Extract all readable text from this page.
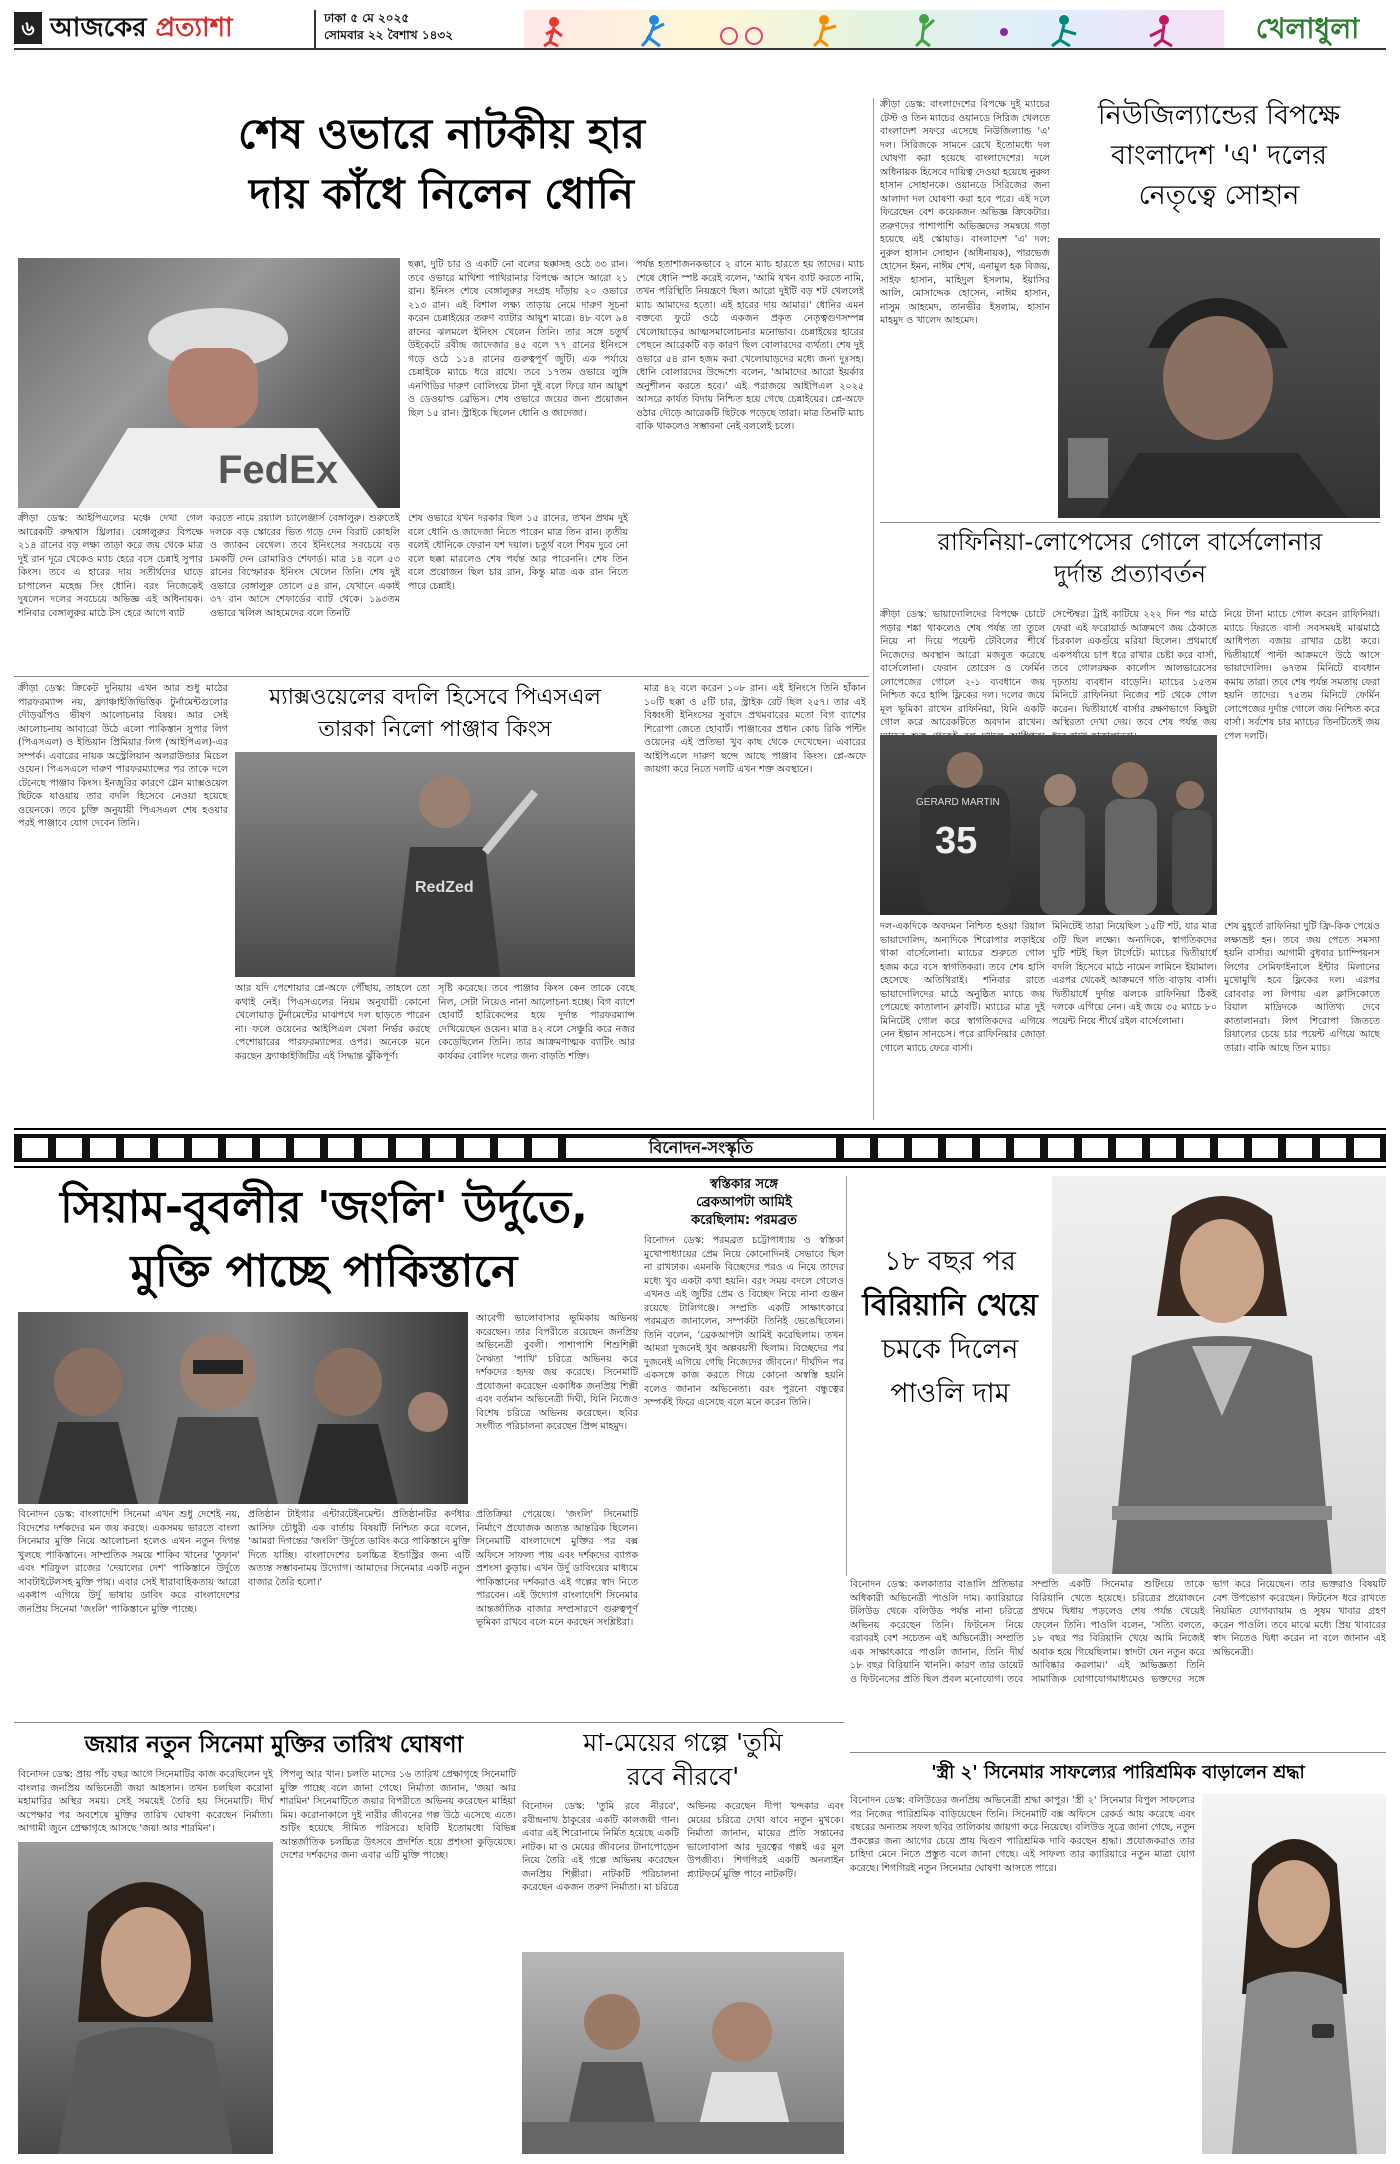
৬ আজকের প্রত্যাশা	ঢাকা ৫ মে ২০২৫
সোমবার ২২ বৈশাখ ১৪৩২	খেলাধুলা
শেষ ওভারে নাটকীয় হার
দায় কাঁধে নিলেন ধোনি
FedEx
ক্রীড়া ডেস্ক: আইপিএলের মঞ্চে দেখা গেল আরেকটি রুদ্ধশ্বাস থ্রিলার। বেঙ্গালুরুর বিপক্ষে ২১৪ রানের বড় লক্ষ্য তাড়া করে জয় থেকে মাত্র দুই রান দূরে থেকেও ম্যাচ হেরে বসে চেন্নাই সুপার কিংস। তবে এ হারের দায় সতীর্থদের ঘাড়ে চাপালেন মহেন্দ্র সিং ধোনি। বরং নিজেকেই দুষলেন দলের সবচেয়ে অভিজ্ঞ এই অধিনায়ক। শনিবার বেঙ্গালুরুর মাঠে টস হেরে আগে ব্যাট
করতে নামে রয়্যাল চ্যালেঞ্জার্স বেঙ্গালুরু। শুরুতেই দলকে বড় স্কোরের ভিত গড়ে দেন বিরাট কোহলি ও জ্যাকব বেথেল। তবে ইনিংসের সবচেয়ে বড় চমকটি দেন রোমারিও শেফার্ড। মাত্র ১৪ বলে ৫৩ রানের বিস্ফোরক ইনিংস খেলেন তিনি। শেষ দুই ওভারে বেঙ্গালুরু তোলে ৫৪ রান, যেখানে একাই ৩৭ রান আসে শেফার্ডের ব্যাট থেকে। ১৯৩তম ওভারে খলিল আহমেদের বলে তিনটি
ছক্কা, দুটি চার ও একটি নো বলের ছক্কাসহ ওঠে ৩৩ রান। তবে ওভারে মাথিশা পাথিরানার বিপক্ষে আসে আরো ২১ রান। ইনিংস শেষে বেঙ্গালুরুর সংগ্রহ দাঁড়ায় ২০ ওভারে ২১৩ রান। এই বিশাল লক্ষ্য তাড়ায় নেমে দারুণ সূচনা করেন চেন্নাইয়ের তরুণ ব্যাটার আয়ুশ মাত্রে। ৪৮ বলে ৯৪ রানের ঝলমলে ইনিংস খেলেন তিনি। তার সঙ্গে চতুর্থ উইকেটে রবীন্দ্র জাদেজার ৪৫ বলে ৭৭ রানের ইনিংসে গড়ে ওঠে ১১৪ রানের গুরুত্বপূর্ণ জুটি। এক পর্যায়ে চেন্নাইকে ম্যাচে ধরে রাখে। তবে ১৭তম ওভারে লুঙ্গি এনগিডির দারুণ বোলিংয়ে টানা দুই বলে ফিরে যান আয়ুশ ও ডেওয়াল্ড ব্রেভিস। শেষ ওভারে জয়ের জন্য প্রয়োজন ছিল ১৫ রান। স্ট্রাইকে ছিলেন ধোনি ও জাদেজা।
শেষ ওভারে যখন দরকার ছিল ১৫ রানের, তখন প্রথম দুই বলে ধোনি ও জাদেজা নিতে পারেন মাত্র তিন রান। তৃতীয় বলেই ধোনিকে ফেরান যশ দয়াল। চতুর্থ বলে শিবম দুবে নো বলে ছক্কা মারলেও শেষ পর্যন্ত আর পারেননি। শেষ তিন বলে প্রয়োজন ছিল চার রান, কিন্তু মাত্র এক রান নিতে পারে চেন্নাই।
পর্যন্ত হতাশাজনকভাবে ২ রানে ম্যাচ হারতে হয় তাদের। ম্যাচ শেষে ধোনি স্পষ্ট করেই বলেন, 'আমি যখন ব্যাট করতে নামি, তখন পরিস্থিতি নিয়ন্ত্রণে ছিল। আরো দুইটি বড় শট খেললেই ম্যাচ আমাদের হতো। এই হারের দায় আমার।' ধোনির এমন বক্তব্যে ফুটে ওঠে একজন প্রকৃত নেতৃত্বগুণসম্পন্ন খেলোয়াড়ের আত্মসমালোচনার মনোভাব। চেন্নাইয়ের হারের পেছনে আরেকটি বড় কারণ ছিল বোলারদের ব্যর্থতা। শেষ দুই ওভারে ৫৪ রান হজম করা খেলোয়াড়দের মধ্যে জন্য দুঃসহ। ধোনি বোলারদের উদ্দেশ্যে বলেন, 'আমাদের আরো ইয়র্কার অনুশীলন করতে হবে।' এই পরাজয়ে আইপিএল ২০২৫ আসরে কার্যত বিদায় নিশ্চিত হয়ে গেছে চেন্নাইয়ের। প্লে-অফে ওঠার দৌড়ে আরেকটি ছিটকে পড়েছে তারা। মাত্র তিনটি ম্যাচ বাকি থাকলেও সম্ভাবনা নেই বললেই চলে।
ক্রীড়া ডেস্ক: বাংলাদেশের বিপক্ষে দুই ম্যাচের টেস্ট ও তিন ম্যাচের ওয়ানডে সিরিজ খেলতে বাংলাদেশ সফরে এসেছে নিউজিল্যান্ড 'এ' দল। সিরিজকে সামনে রেখে ইতোমধ্যে দল ঘোষণা করা হয়েছে বাংলাদেশের। দলে অধিনায়ক হিসেবে দায়িত্ব দেওয়া হয়েছে নুরুল হাসান সোহানকে। ওয়ানডে সিরিজের জন্য আলাদা দল ঘোষণা করা হবে পরে। এই দলে ফিরেছেন বেশ কয়েকজন অভিজ্ঞ ক্রিকেটার। তরুণদের পাশাপাশি অভিজ্ঞদের সমন্বয়ে গড়া হয়েছে এই স্কোয়াড। বাংলাদেশ 'এ' দল: নুরুল হাসান সোহান (অধিনায়ক), পারভেজ হোসেন ইমন, নাঈম শেখ, এনামুল হক বিজয়, সাইফ হাসান, মাহিদুল ইসলাম, ইয়াসির আলি, মোসাদ্দেক হোসেন, নাঈম হাসান, নাসুম আহমেদ, তানভীর ইসলাম, হাসান মাহমুদ ও খালেদ আহমেদ।
নিউজিল্যান্ডের বিপক্ষে
বাংলাদেশ 'এ' দলের
নেতৃত্বে সোহান
রাফিনিয়া-লোপেসের গোলে বার্সেলোনার
দুর্দান্ত প্রত্যাবর্তন
ক্রীড়া ডেস্ক: ভায়াদোলিদের বিপক্ষে চোটে পড়ার শঙ্কা থাকলেও শেষ পর্যন্ত তা তুলে নিয়ে না দিয়ে পয়েন্ট টেবিলের শীর্ষে নিজেদের অবস্থান আরো মজবুত করেছে বার্সেলোনা। ফেরান তোরেস ও ফের্মিন লোপেজের গোলে ২-১ ব্যবধানে জয় নিশ্চিত করে হান্সি ফ্লিকের দল। দলের জয়ে মূল ভূমিকা রাখেন রাফিনিয়া, যিনি একটি গোল করে আরেকটিতে অবদান রাখেন।
সেপ্টেম্বর। ট্রাই কাটিয়ে ২২২ দিন পর মাঠে ফেরা এই ফরোয়ার্ড আক্রমণে জয় ঠেকাতে চিরকাল একগুঁয়ে মরিয়া ছিলেন। প্রথমার্ধে একপর্যায়ে চাপ ধরে রাখার চেষ্টা করে বার্সা, তবে গোলরক্ষক কার্লোস আলভারেসের দৃঢ়তায় ব্যবধান বাড়েনি। ম্যাচের ১৫তম মিনিটে রাফিনিয়া নিজের শট থেকে গোল করেন। দ্বিতীয়ার্ধে বার্সার রক্ষণভাগে কিছুটা অস্থিরতা দেখা দেয়। তবে শেষ পর্যন্ত জয়
নিয়ে টানা ম্যাচে গোল করেন রাফিনিয়া। ম্যাচে ফিরতে বার্সা সবসময়ই মাঝমাঠে আধিপত্য বজায় রাখার চেষ্টা করে। দ্বিতীয়ার্ধে পাল্টা আক্রমণে উঠে আসে ভায়াদোলিদ। ৬৭তম মিনিটে ব্যবধান কমায় তারা। তবে শেষ পর্যন্ত সমতায় ফেরা হয়নি তাদের। ৭৫তম মিনিটে ফের্মিন লোপেজের দুর্দান্ত গোলে জয় নিশ্চিত করে বার্সা। সর্বশেষ চার ম্যাচের তিনটিতেই জয় পেল দলটি।
35
GERARD MARTIN
দল-একদিকে অবদমন নিশ্চিত হওয়া রিয়াল ভায়াদোলিদ, অন্যদিকে শিরোপার লড়াইয়ে থাকা বার্সেলোনা। ম্যাচের শুরুতে গোল হজম করে বসে স্বাগতিকরা। তবে শেষ হাসি হেসেছে অতিথিরাই। শনিবার রাতে ভায়াদোলিদের মাঠে অনুষ্ঠিত ম্যাচে জয় পেয়েছে কাতালান ক্লাবটি। ম্যাচের মাত্র দুই মিনিটেই গোল করে স্বাগতিকদের এগিয়ে নেন ইভান সানচেস। পরে রাফিনিয়ার জোড়া গোলে ম্যাচে ফেরে বার্সা।
মিনিটেই তারা নিয়েছিল ১৫টি শট, যার মাত্র ৩টি ছিল লক্ষ্যে। অন্যদিকে, স্বাগতিকদের দুটি শটই ছিল টার্গেটে। ম্যাচের দ্বিতীয়ার্ধে বদলি হিসেবে মাঠে নামেন লামিনে ইয়ামাল। এরপর থেকেই আক্রমণে গতি বাড়ায় বার্সা। দ্বিতীয়ার্ধে দুর্দান্ত ঝলকে রাফিনিয়া ঠিকই দলকে এগিয়ে নেন। এই জয়ে ৩৫ ম্যাচে ৮০ পয়েন্ট নিয়ে শীর্ষে রইল বার্সেলোনা।
শেষ মুহূর্তে রাফিনিয়া দুটি ফ্রি-কিক পেয়েও লক্ষ্যভ্রষ্ট হন। তবে জয় পেতে সমস্যা হয়নি বার্সার। আগামী বুধবার চ্যাম্পিয়নস লিগের সেমিফাইনালে ইন্টার মিলানের মুখোমুখি হবে ফ্লিকের দল। এরপর রোববার লা লিগায় এল ক্লাসিকোতে রিয়াল মাদ্রিদকে আতিথ্য দেবে কাতালানরা। লিগ শিরোপা জিততে রিয়ালের চেয়ে চার পয়েন্ট এগিয়ে আছে তারা। বাকি আছে তিন ম্যাচ।
ক্রীড়া ডেস্ক: ক্রিকেট দুনিয়ায় এখন আর শুধু মাঠের পারফরম্যান্স নয়, ফ্র্যাঞ্চাইজিভিত্তিক টুর্নামেন্টগুলোর দৌড়ঝাঁপও ভীষণ আলোচনার বিষয়। আর সেই আলোচনায় আবারো উঠে এলো পাকিস্তান সুপার লিগ (পিএসএল) ও ইন্ডিয়ান প্রিমিয়ার লিগ (আইপিএল)-এর সম্পর্ক। এবারের নায়ক অস্ট্রেলিয়ান অলরাউন্ডার মিচেল ওয়েন। পিএসএলে দারুণ পারফরম্যান্সের পর তাকে দলে টেনেছে পাঞ্জাব কিংস। ইনজুরির কারণে গ্লেন ম্যাক্সওয়েল ছিটকে যাওয়ায় তার বদলি হিসেবে নেওয়া হয়েছে ওয়েনকে। তবে চুক্তি অনুযায়ী পিএসএল শেষ হওয়ার পরই পাঞ্জাবে যোগ দেবেন তিনি।
ম্যাক্সওয়েলের বদলি হিসেবে পিএসএল
তারকা নিলো পাঞ্জাব কিংস
RedZed
আর যদি পেশোয়ার প্লে-অফে পৌঁছায়, তাহলে তো কথাই নেই। পিএসএলের নিয়ম অনুযায়ী কোনো খেলোয়াড় টুর্নামেন্টের মাঝপথে দল ছাড়তে পারেন না। ফলে ওয়েনের আইপিএল খেলা নির্ভর করছে পেশোয়ারের পারফরম্যান্সের ওপর। অনেকে মনে করছেন ফ্র্যাঞ্চাইজিটির এই সিদ্ধান্ত ঝুঁকিপূর্ণ।
সৃষ্টি করেছে। তবে পাঞ্জাব কিংস কেন তাকে বেছে নিল, সেটা নিয়েও নানা আলোচনা হচ্ছে। বিগ ব্যাশে হোবার্ট হারিকেন্সের হয়ে দুর্দান্ত পারফরম্যান্স দেখিয়েছেন ওয়েন। মাত্র ৪২ বলে সেঞ্চুরি করে নজর কেড়েছিলেন তিনি। তার আক্রমণাত্মক ব্যাটিং আর কার্যকর বোলিং দলের জন্য বাড়তি শক্তি।
মাত্র ৪২ বলে করেন ১০৮ রান। এই ইনিংসে তিনি হাঁকান ১০টি ছক্কা ও ৫টি চার, স্ট্রাইক রেট ছিল ২৫৭। তার এই বিধ্বংসী ইনিংসের সুবাদে প্রথমবারের মতো বিগ ব্যাশের শিরোপা জেতে হোবার্ট। পাঞ্জাবের প্রধান কোচ রিকি পন্টিং ওয়েনের এই প্রতিভা খুব কাছ থেকে দেখেছেন। এবারের আইপিএলে দারুণ ছন্দে আছে পাঞ্জাব কিংস। প্লে-অফে জায়গা করে নিতে দলটি এখন শক্ত অবস্থানে।
বিনোদন-সংস্কৃতি
সিয়াম-বুবলীর 'জংলি' উর্দুতে,
মুক্তি পাচ্ছে পাকিস্তানে
বিনোদন ডেস্ক: বাংলাদেশি সিনেমা এখন শুধু দেশেই নয়, বিদেশের দর্শকদের মন জয় করছে। একসময় ভারতে বাংলা সিনেমার মুক্তি নিয়ে আলোচনা হলেও এখন নতুন দিগন্ত খুলছে পাকিস্তানে। সাম্প্রতিক সময়ে শাকিব খানের 'তুফান' এবং শরিফুল রাজের 'দেয়ালের দেশ' পাকিস্তানে উর্দুতে সাবটাইটেলসহ মুক্তি পায়। এবার সেই ধারাবাহিকতায় আরো একধাপ এগিয়ে উর্দু ভাষায় ডাবিং করে বাংলাদেশের জনপ্রিয় সিনেমা 'জংলি' পাকিস্তানে মুক্তি পাচ্ছে।
প্রতিষ্ঠান টাইগার এন্টারটেইনমেন্ট। প্রতিষ্ঠানটির কর্ণধার আসিফ চৌধুরী এক বার্তায় বিষয়টি নিশ্চিত করে বলেন, 'আমরা দিগন্তের 'জংলি' উর্দুতে ডাবিং করে পাকিস্তানে মুক্তি দিতে যাচ্ছি। বাংলাদেশের চলচ্চিত্র ইন্ডাস্ট্রির জন্য এটি অত্যন্ত সম্ভাবনাময় উদ্যোগ। আমাদের সিনেমার একটি নতুন বাজার তৈরি হলো।'
আবেগী ভালোবাসার ভূমিকায় অভিনয় করেছেন। তার বিপরীতে রয়েছেন জনপ্রিয় অভিনেত্রী বুবলী। পাশাপাশি শিশুশিল্পী নৈঋতা 'পাখি' চরিত্রে অভিনয় করে দর্শকদের হৃদয় জয় করেছে। সিনেমাটি প্রযোজনা করেছেন একাধিক জনপ্রিয় শিল্পী এবং বর্তমান অভিনেত্রী দিঘী, যিনি নিজেও বিশেষ চরিত্রে অভিনয় করেছেন। ছবির সংগীত পরিচালনা করেছেন প্রিন্স মাহমুদ।
প্রতিক্রিয়া পেয়েছে। 'জংলি' সিনেমাটি নির্মাণে প্রযোজক অত্যন্ত আন্তরিক ছিলেন। সিনেমাটি বাংলাদেশে মুক্তির পর বক্স অফিসে সাফল্য পায় এবং দর্শকদের ব্যাপক প্রশংসা কুড়ায়। এখন উর্দু ডাবিংয়ের মাধ্যমে পাকিস্তানের দর্শকরাও এই গল্পের স্বাদ নিতে পারবেন। এই উদ্যোগ বাংলাদেশি সিনেমার আন্তর্জাতিক বাজার সম্প্রসারণে গুরুত্বপূর্ণ ভূমিকা রাখবে বলে মনে করছেন সংশ্লিষ্টরা।
স্বস্তিকার সঙ্গে
ব্রেকআপটা আমিই
করেছিলাম: পরমব্রত
বিনোদন ডেস্ক: পরমব্রত চট্টোপাধ্যায় ও স্বস্তিকা মুখোপাধ্যায়ের প্রেম নিয়ে কোনোদিনই সেভাবে ছিল না রাখঢাক। এমনকি বিচ্ছেদের পরও এ নিয়ে তাদের মধ্যে খুব একটা কথা হয়নি। বরং সময় বদলে গেলেও এখনও এই জুটির প্রেম ও বিচ্ছেদ নিয়ে নানা গুঞ্জন রয়েছে টালিগঞ্জে। সম্প্রতি একটি সাক্ষাৎকারে পরমব্রত জানালেন, সম্পর্কটা তিনিই ভেঙেছিলেন। তিনি বলেন, 'ব্রেকআপটা আমিই করেছিলাম। তখন আমরা দুজনেই খুব অল্পবয়সী ছিলাম। বিচ্ছেদের পর দুজনেই এগিয়ে গেছি নিজেদের জীবনে।' দীর্ঘদিন পর একসঙ্গে কাজ করতে গিয়ে কোনো অস্বস্তি হয়নি বলেও জানান অভিনেতা। বরং পুরনো বন্ধুত্বের সম্পর্কই ফিরে এসেছে বলে মনে করেন তিনি।
১৮ বছর পর
বিরিয়ানি খেয়ে
চমকে দিলেন
পাওলি দাম
বিনোদন ডেস্ক: কলকাতার বাঙালি প্রতিভার অধিকারী অভিনেত্রী পাওলি দাম। ক্যারিয়ারে টলিউড থেকে বলিউড পর্যন্ত নানা চরিত্রে অভিনয় করেছেন তিনি। ফিটনেস নিয়ে বরাবরই বেশ সচেতন এই অভিনেত্রী। সম্প্রতি এক সাক্ষাৎকারে পাওলি জানান, তিনি দীর্ঘ ১৮ বছর বিরিয়ানি খাননি। কারণ তার ডায়েট ও ফিটনেসের প্রতি ছিল প্রবল মনোযোগ। তবে সম্প্রতি একটি সিনেমার শুটিংয়ে তাকে বিরিয়ানি খেতে হয়েছে। চরিত্রের প্রয়োজনে প্রথমে দ্বিধায় পড়লেও শেষ পর্যন্ত খেয়েই ফেলেন তিনি। পাওলি বলেন, 'সত্যি বলতে, ১৮ বছর পর বিরিয়ানি খেয়ে আমি নিজেই অবাক হয়ে গিয়েছিলাম। স্বাদটা যেন নতুন করে আবিষ্কার করলাম।' এই অভিজ্ঞতা তিনি সামাজিক যোগাযোগমাধ্যমেও ভক্তদের সঙ্গে ভাগ করে নিয়েছেন। তার ভক্তরাও বিষয়টি বেশ উপভোগ করেছেন। ফিটনেস ধরে রাখতে নিয়মিত যোগব্যায়াম ও সুষম খাবার গ্রহণ করেন পাওলি। তবে মাঝে মধ্যে প্রিয় খাবারের স্বাদ নিতেও দ্বিধা করেন না বলে জানান এই অভিনেত্রী।
জয়ার নতুন সিনেমা মুক্তির তারিখ ঘোষণা
বিনোদন ডেস্ক: প্রায় পাঁচ বছর আগে সিনেমাটির কাজ করেছিলেন দুই বাংলার জনপ্রিয় অভিনেত্রী জয়া আহসান। তখন চলছিল করোনা মহামারির অস্থির সময়। সেই সময়েই তৈরি হয় সিনেমাটি। দীর্ঘ অপেক্ষার পর অবশেষে মুক্তির তারিখ ঘোষণা করেছেন নির্মাতা। আগামী জুনে প্রেক্ষাগৃহে আসছে 'জয়া আর শারমিন'।
পিপলু আর খান। চলতি মাসের ১৬ তারিখ প্রেক্ষাগৃহে সিনেমাটি মুক্তি পাচ্ছে বলে জানা গেছে। নির্মাতা জানান, 'জয়া আর শারমিন' সিনেমাটিতে জয়ার বিপরীতে অভিনয় করেছেন মাহিয়া মিম। করোনাকালে দুই নারীর জীবনের গল্প উঠে এসেছে এতে। শুটিং হয়েছে সীমিত পরিসরে। ছবিটি ইতোমধ্যে বিভিন্ন আন্তর্জাতিক চলচ্চিত্র উৎসবে প্রদর্শিত হয়ে প্রশংসা কুড়িয়েছে। দেশের দর্শকদের জন্য এবার এটি মুক্তি পাচ্ছে।
মা-মেয়ের গল্পে 'তুমি
রবে নীরবে'
বিনোদন ডেস্ক: 'তুমি রবে নীরবে', রবীন্দ্রনাথ ঠাকুরের একটি কালজয়ী গান। এবার এই শিরোনামে নির্মিত হয়েছে একটি নাটক। মা ও মেয়ের জীবনের টানাপোড়েন নিয়ে তৈরি এই গল্পে অভিনয় করেছেন জনপ্রিয় শিল্পীরা। নাটকটি পরিচালনা করেছেন একজন তরুণ নির্মাতা। মা চরিত্রে অভিনয় করেছেন দীপা খন্দকার এবং মেয়ের চরিত্রে দেখা যাবে নতুন মুখকে। নির্মাতা জানান, মায়ের প্রতি সন্তানের ভালোবাসা আর দূরত্বের গল্পই এর মূল উপজীব্য। শিগগিরই একটি অনলাইন প্ল্যাটফর্মে মুক্তি পাবে নাটকটি।
'স্ত্রী ২' সিনেমার সাফল্যের পারিশ্রমিক বাড়ালেন শ্রদ্ধা
বিনোদন ডেস্ক: বলিউডের জনপ্রিয় অভিনেত্রী শ্রদ্ধা কাপুর। 'স্ত্রী ২' সিনেমার বিপুল সাফল্যের পর নিজের পারিশ্রমিক বাড়িয়েছেন তিনি। সিনেমাটি বক্স অফিসে রেকর্ড আয় করেছে এবং বছরের অন্যতম সফল ছবির তালিকায় জায়গা করে নিয়েছে। বলিউড সূত্রে জানা গেছে, নতুন প্রকল্পের জন্য আগের চেয়ে প্রায় দ্বিগুণ পারিশ্রমিক দাবি করছেন শ্রদ্ধা। প্রযোজকরাও তার চাহিদা মেনে নিতে প্রস্তুত বলে জানা গেছে। এই সাফল্য তার ক্যারিয়ারে নতুন মাত্রা যোগ করেছে। শিগগিরই নতুন সিনেমার ঘোষণা আসতে পারে।
